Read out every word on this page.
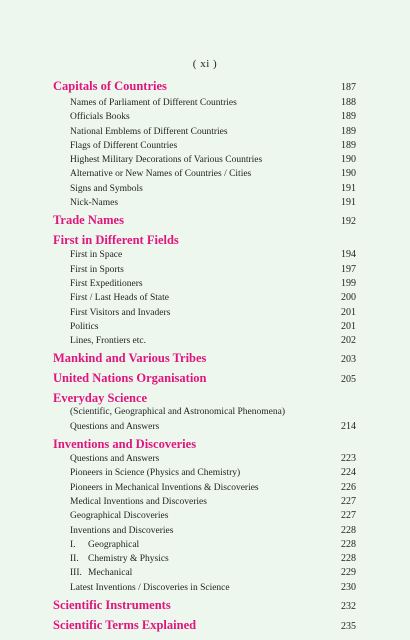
( xi )
Capitals of Countries	187
Names of Parliament of Different Countries	188
Officials Books	189
National Emblems of Different Countries	189
Flags of Different Countries	189
Highest Military Decorations of Various Countries	190
Alternative or New Names of Countries / Cities	190
Signs and Symbols	191
Nick-Names	191
Trade Names	192
First in Different Fields
First in Space	194
First in Sports	197
First Expeditioners	199
First / Last Heads of State	200
First Visitors and Invaders	201
Politics	201
Lines, Frontiers etc.	202
Mankind and Various Tribes	203
United Nations Organisation	205
Everyday Science
(Scientific, Geographical and Astronomical Phenomena)
Questions and Answers	214
Inventions and Discoveries
Questions and Answers	223
Pioneers in Science (Physics and Chemistry)	224
Pioneers in Mechanical Inventions & Discoveries	226
Medical Inventions and Discoveries	227
Geographical Discoveries	227
Inventions and Discoveries	228
I. Geographical	228
II. Chemistry & Physics	228
III. Mechanical	229
Latest Inventions / Discoveries in Science	230
Scientific Instruments	232
Scientific Terms Explained	235
